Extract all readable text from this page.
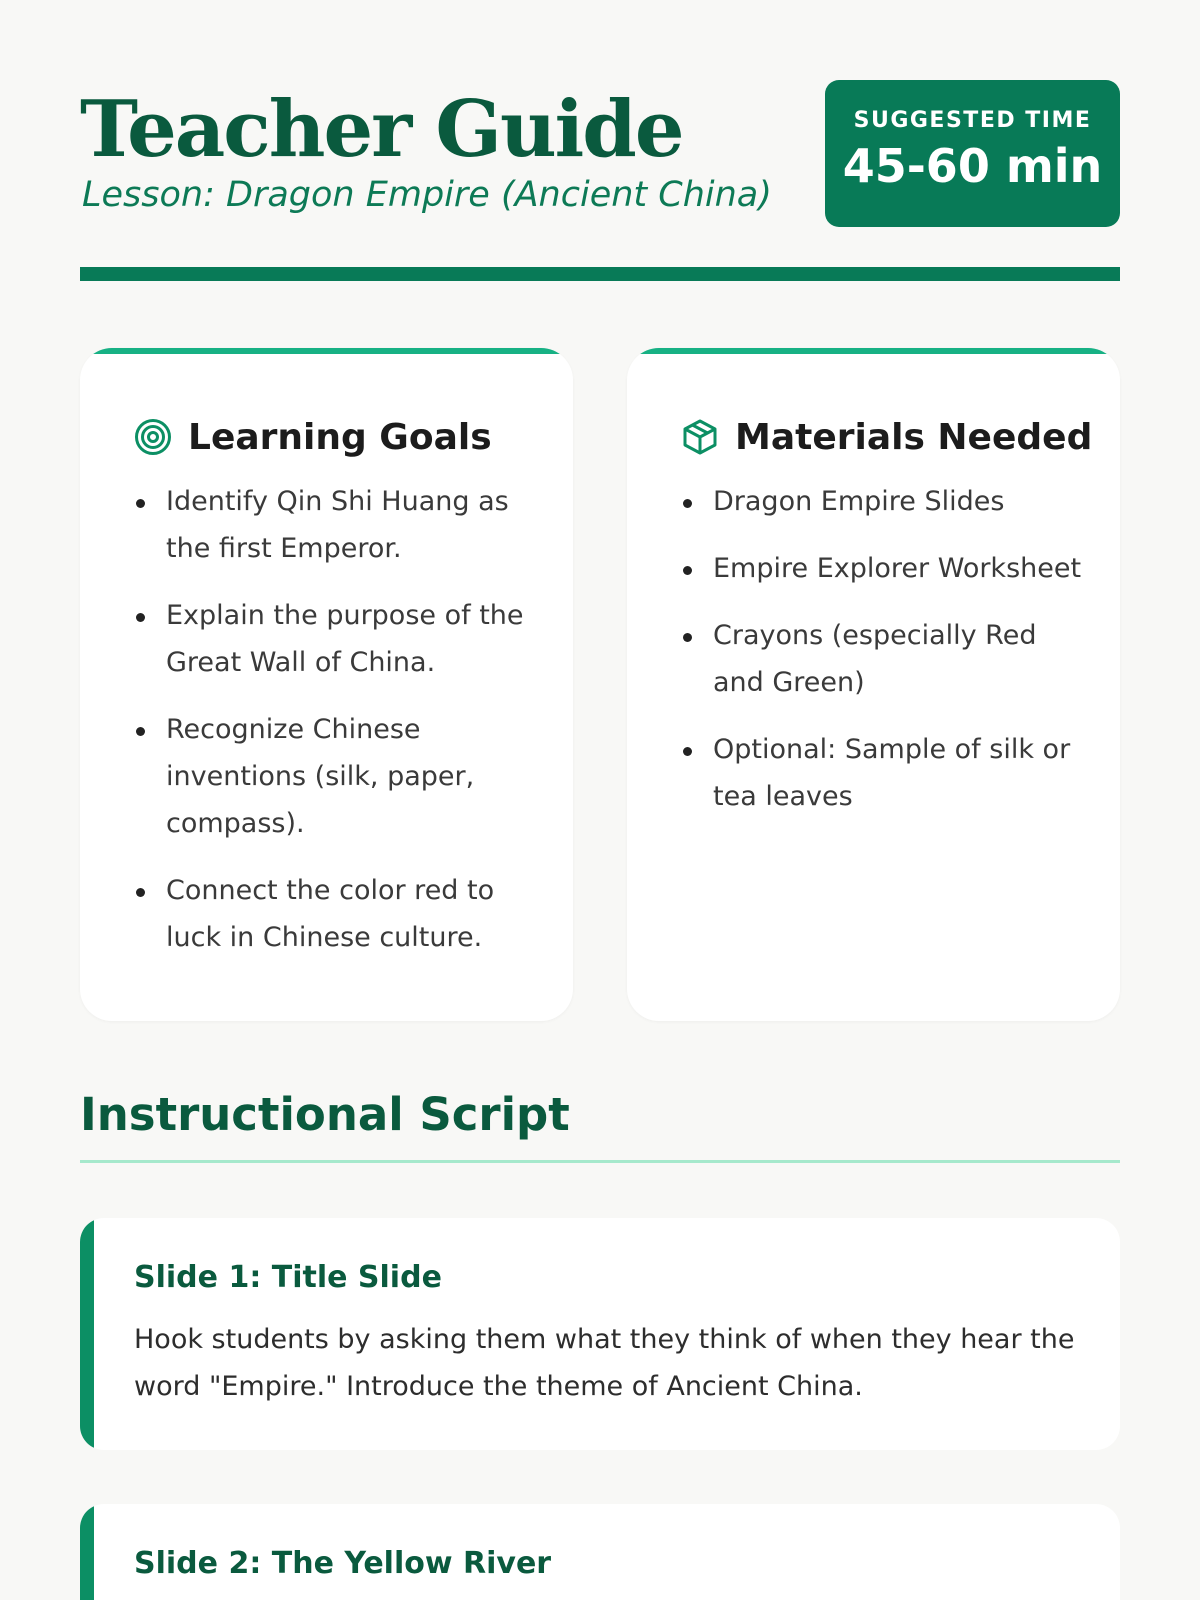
Teacher Guide
Lesson: Dragon Empire (Ancient China)
SUGGESTED TIME
45-60 min
Learning Goals
Identify Qin Shi Huang as the first Emperor.
Explain the purpose of the Great Wall of China.
Recognize Chinese inventions (silk, paper, compass).
Connect the color red to luck in Chinese culture.
Materials Needed
Dragon Empire Slides
Empire Explorer Worksheet
Crayons (especially Red and Green)
Optional: Sample of silk or tea leaves
Instructional Script
Slide 1: Title Slide
Hook students by asking them what they think of when they hear the word "Empire." Introduce the theme of Ancient China.
Slide 2: The Yellow River
